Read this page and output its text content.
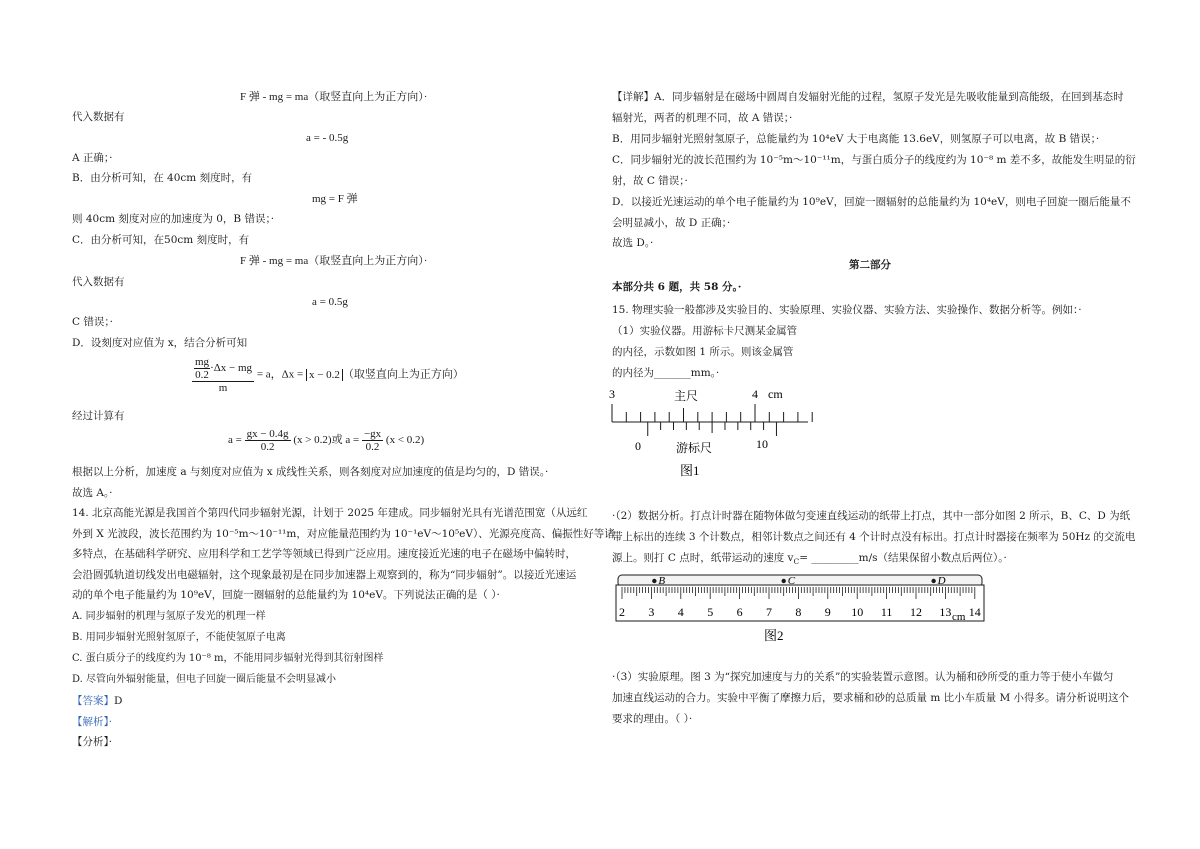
F 弹 - mg = ma（取竖直向上为正方向）·
代入数据有
a = - 0.5g
A 正确；·
B．由分析可知，在 40cm 刻度时，有
mg = F 弹
则 40cm 刻度对应的加速度为 0，B 错误；·
C．由分析可知，在50cm 刻度时，有
F 弹 - mg = ma（取竖直向上为正方向）·
代入数据有
a = 0.5g
C 错误；·
D．设刻度对应值为 x，结合分析可知
$\frac{\frac{mg}{0.2} \cdot\Delta x - mg}{m} = a$，Δx = x − 0.2 （取竖直向上为正方向）
经过计算有
$a = \frac{gx - 0.4g}{0.2} (x > 0.2)$或 $a = \frac{-gx}{0.2} (x < 0.2)$
根据以上分析，加速度 a 与刻度对应值为 x 成线性关系，则各刻度对应加速度的值是均匀的，D 错误。·
故选 A。·
14. 北京高能光源是我国首个第四代同步辐射光源，计划于 2025 年建成。同步辐射光具有光谱范围宽（从远红
外到 X 光波段，波长范围约为 10⁻⁵m～10⁻¹¹m，对应能量范围约为 10⁻¹eV～10⁵eV）、光源亮度高、偏振性好等诸
多特点，在基础科学研究、应用科学和工艺学等领域已得到广泛应用。速度接近光速的电子在磁场中偏转时，
会沿圆弧轨道切线发出电磁辐射，这个现象最初是在同步加速器上观察到的，称为“同步辐射”。以接近光速运
动的单个电子能量约为 10⁹eV，回旋一圈辐射的总能量约为 10⁴eV。下列说法正确的是（ ）·
A. 同步辐射的机理与氢原子发光的机理一样
B. 用同步辐射光照射氢原子，不能使氢原子电离
C. 蛋白质分子的线度约为 10⁻⁸ m，不能用同步辐射光得到其衍射图样
D. 尽管向外辐射能量，但电子回旋一圈后能量不会明显减小
【答案】D
【解析】·
【分析】·
【详解】A．同步辐射是在磁场中圆周自发辐射光能的过程，氢原子发光是先吸收能量到高能级，在回到基态时
辐射光，两者的机理不同，故 A 错误；·
B．用同步辐射光照射氢原子，总能量约为 10⁴eV 大于电离能 13.6eV，则氢原子可以电离，故 B 错误；·
C．同步辐射光的波长范围约为 10⁻⁵m～10⁻¹¹m，与蛋白质分子的线度约为 10⁻⁸ m 差不多，故能发生明显的衍
射，故 C 错误；·
D．以接近光速运动的单个电子能量约为 10⁹eV，回旋一圈辐射的总能量约为 10⁴eV，则电子回旋一圈后能量不
会明显减小，故 D 正确；·
故选 D。·
第二部分
本部分共 6 题，共 58 分。·
15. 物理实验一般都涉及实验目的、实验原理、实验仪器、实验方法、实验操作、数据分析等。例如：·
（1）实验仪器。用游标卡尺测某金属管
的内径，示数如图 1 所示。则该金属管
的内径为_______mm。·
3	4 cm
主尺
0	10
游标尺
图1
·（2）数据分析。打点计时器在随物体做匀变速直线运动的纸带上打点，其中一部分如图 2 所示，B、C、D 为纸
带上标出的连续 3 个计数点，相邻计数点之间还有 4 个计时点没有标出。打点计时器接在频率为 50Hz 的交流电
源上。则打 C 点时，纸带运动的速度 $v_C=$ _________m/s（结果保留小数点后两位）。·
2 3 4 5 6 7 8 9 10 11 12 13 14
B	C	D
cm
图2
·（3）实验原理。图 3 为“探究加速度与力的关系”的实验装置示意图。认为桶和砂所受的重力等于使小车做匀
加速直线运动的合力。实验中平衡了摩擦力后，要求桶和砂的总质量 m 比小车质量 M 小得多。请分析说明这个
要求的理由。（ ）·
